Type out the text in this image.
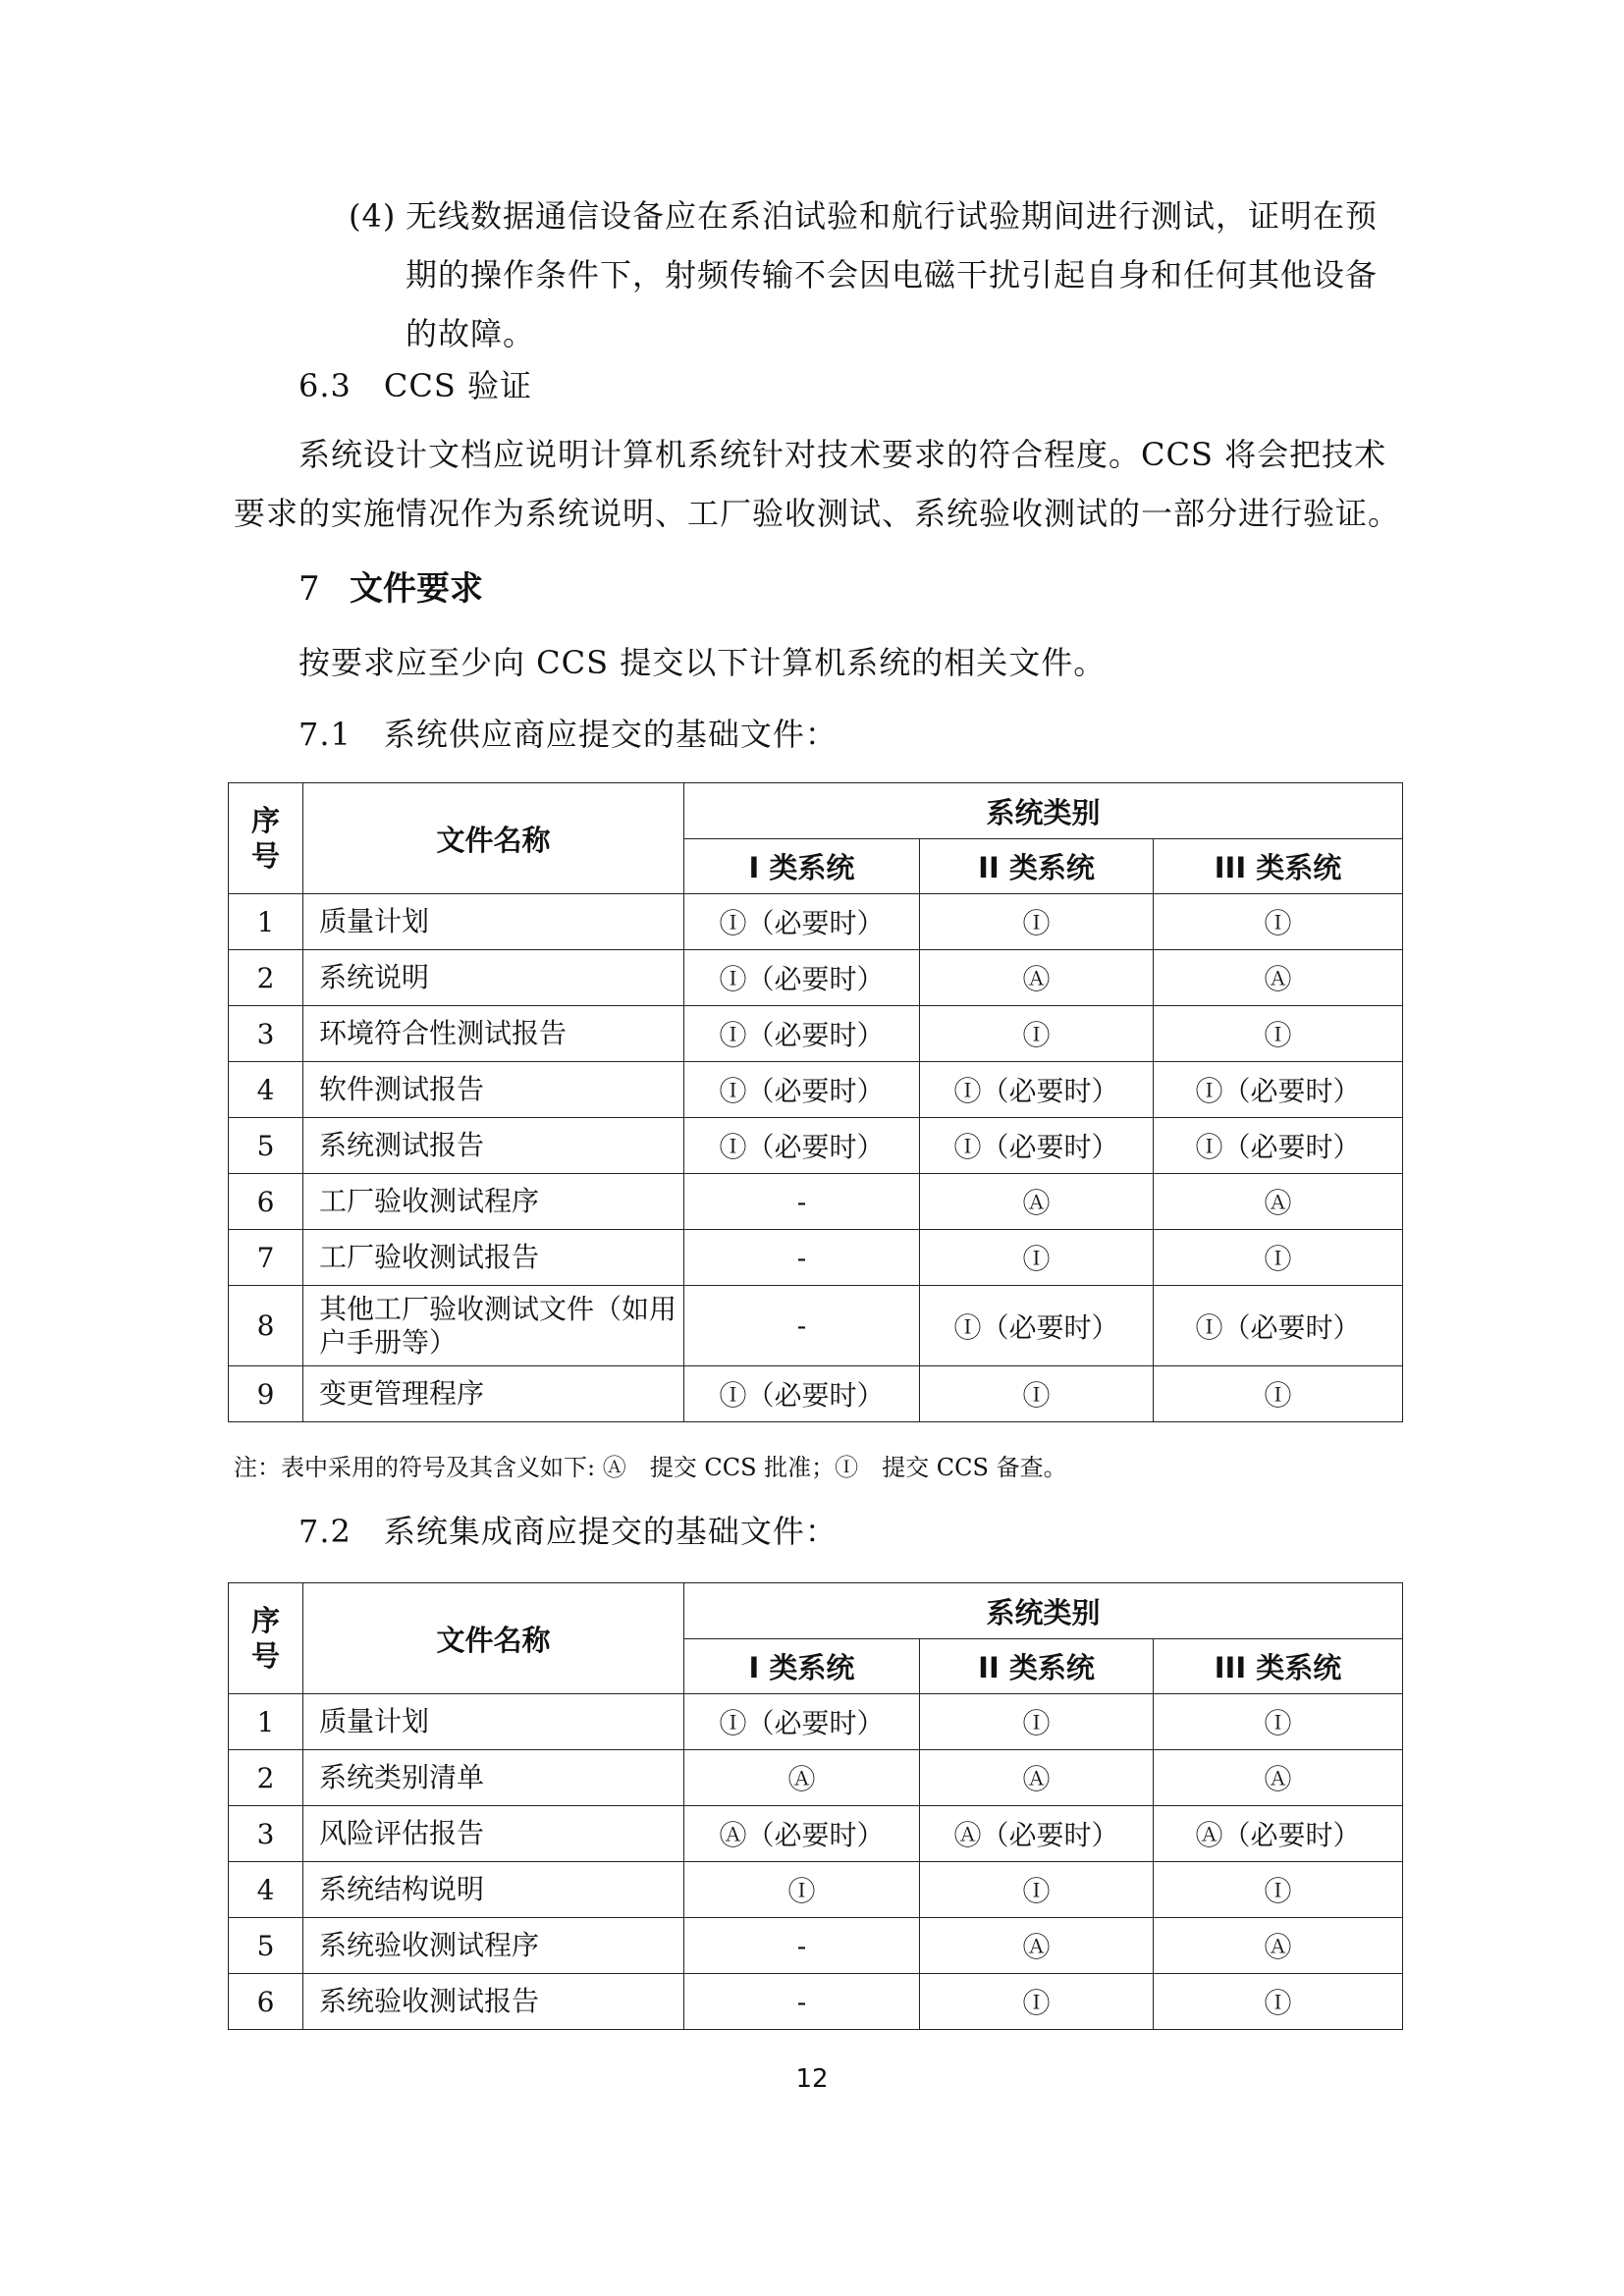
(4) 无线数据通信设备应在系泊试验和航行试验期间进行测试，证明在预
期的操作条件下，射频传输不会因电磁干扰引起自身和任何其他设备
的故障。
6.3　CCS 验证
系统设计文档应说明计算机系统针对技术要求的符合程度。CCS 将会把技术
要求的实施情况作为系统说明、工厂验收测试、系统验收测试的一部分进行验证。
7 文件要求
按要求应至少向 CCS 提交以下计算机系统的相关文件。
7.1　系统供应商应提交的基础文件：
序号	文件名称	系统类别		
		I 类系统	II 类系统	III 类系统
1	质量计划	Ⓘ（必要时）	Ⓘ	Ⓘ
2	系统说明	Ⓘ（必要时）	Ⓐ	Ⓐ
3	环境符合性测试报告	Ⓘ（必要时）	Ⓘ	Ⓘ
4	软件测试报告	Ⓘ（必要时）	Ⓘ（必要时）	Ⓘ（必要时）
5	系统测试报告	Ⓘ（必要时）	Ⓘ（必要时）	Ⓘ（必要时）
6	工厂验收测试程序	-	Ⓐ	Ⓐ
7	工厂验收测试报告	-	Ⓘ	Ⓘ
8	其他工厂验收测试文件（如用户手册等）	-	Ⓘ（必要时）	Ⓘ（必要时）
9	变更管理程序	Ⓘ（必要时）	Ⓘ	Ⓘ
注：表中采用的符号及其含义如下: Ⓐ　提交 CCS 批准；Ⓘ　提交 CCS 备查。
7.2　系统集成商应提交的基础文件：
序号	文件名称	系统类别		
		I 类系统	II 类系统	III 类系统
1	质量计划	Ⓘ（必要时）	Ⓘ	Ⓘ
2	系统类别清单	Ⓐ	Ⓐ	Ⓐ
3	风险评估报告	Ⓐ（必要时）	Ⓐ（必要时）	Ⓐ（必要时）
4	系统结构说明	Ⓘ	Ⓘ	Ⓘ
5	系统验收测试程序	-	Ⓐ	Ⓐ
6	系统验收测试报告	-	Ⓘ	Ⓘ
12
